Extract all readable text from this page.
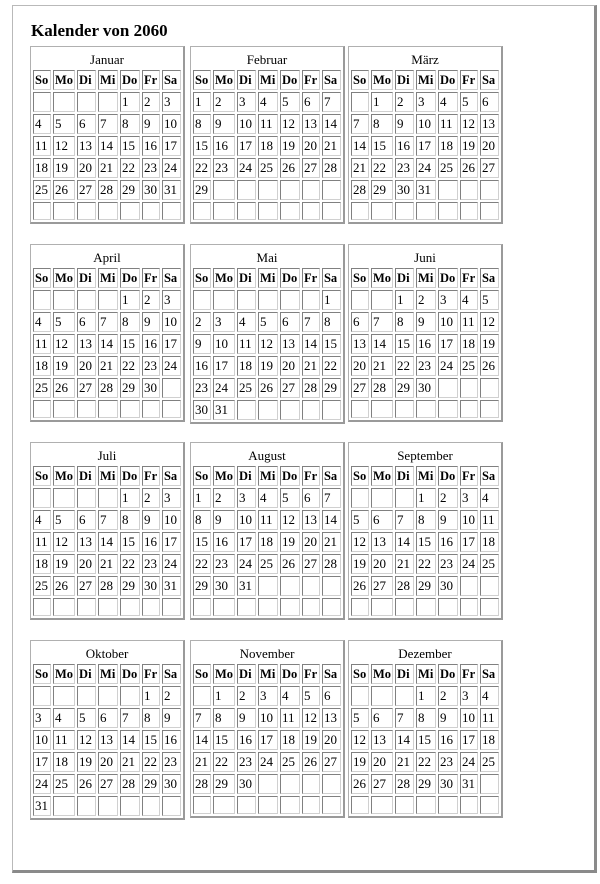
Kalender von 2060
Januar
So	Mo	Di	Mi	Do	Fr	Sa
				1	2	3
4	5	6	7	8	9	10
11	12	13	14	15	16	17
18	19	20	21	22	23	24
25	26	27	28	29	30	31

Februar
So	Mo	Di	Mi	Do	Fr	Sa
1	2	3	4	5	6	7
8	9	10	11	12	13	14
15	16	17	18	19	20	21
22	23	24	25	26	27	28
29						

März
So	Mo	Di	Mi	Do	Fr	Sa
	1	2	3	4	5	6
7	8	9	10	11	12	13
14	15	16	17	18	19	20
21	22	23	24	25	26	27
28	29	30	31			

April
So	Mo	Di	Mi	Do	Fr	Sa
				1	2	3
4	5	6	7	8	9	10
11	12	13	14	15	16	17
18	19	20	21	22	23	24
25	26	27	28	29	30	

Mai
So	Mo	Di	Mi	Do	Fr	Sa
						1
2	3	4	5	6	7	8
9	10	11	12	13	14	15
16	17	18	19	20	21	22
23	24	25	26	27	28	29
30	31					
Juni
So	Mo	Di	Mi	Do	Fr	Sa
		1	2	3	4	5
6	7	8	9	10	11	12
13	14	15	16	17	18	19
20	21	22	23	24	25	26
27	28	29	30			

Juli
So	Mo	Di	Mi	Do	Fr	Sa
				1	2	3
4	5	6	7	8	9	10
11	12	13	14	15	16	17
18	19	20	21	22	23	24
25	26	27	28	29	30	31

August
So	Mo	Di	Mi	Do	Fr	Sa
1	2	3	4	5	6	7
8	9	10	11	12	13	14
15	16	17	18	19	20	21
22	23	24	25	26	27	28
29	30	31				

September
So	Mo	Di	Mi	Do	Fr	Sa
			1	2	3	4
5	6	7	8	9	10	11
12	13	14	15	16	17	18
19	20	21	22	23	24	25
26	27	28	29	30		

Oktober
So	Mo	Di	Mi	Do	Fr	Sa
					1	2
3	4	5	6	7	8	9
10	11	12	13	14	15	16
17	18	19	20	21	22	23
24	25	26	27	28	29	30
31						
November
So	Mo	Di	Mi	Do	Fr	Sa
	1	2	3	4	5	6
7	8	9	10	11	12	13
14	15	16	17	18	19	20
21	22	23	24	25	26	27
28	29	30				

Dezember
So	Mo	Di	Mi	Do	Fr	Sa
			1	2	3	4
5	6	7	8	9	10	11
12	13	14	15	16	17	18
19	20	21	22	23	24	25
26	27	28	29	30	31	
